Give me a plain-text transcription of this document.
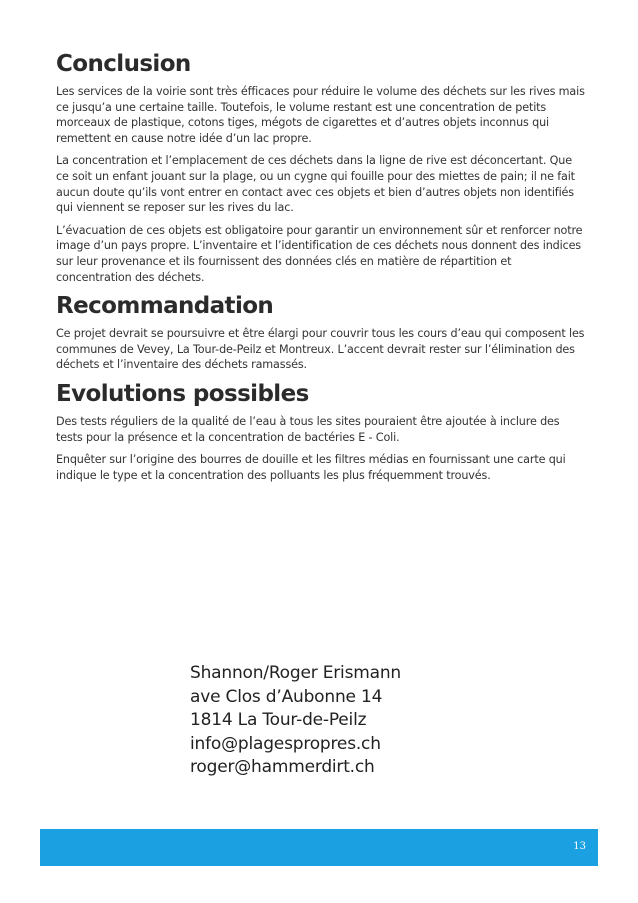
Conclusion

Les services de la voirie sont très éfficaces pour réduire le volume des déchets sur les rives mais ce jusqu’a une certaine taille. Toutefois, le volume restant est une concentration de petits morceaux de plastique, cotons tiges, mégots de cigarettes et d’autres objets inconnus qui remettent en cause notre idée d’un lac propre.

La concentration et l’emplacement de ces déchets dans la ligne de rive est déconcertant. Que ce soit un enfant jouant sur la plage, ou un cygne qui fouille pour des miettes de pain; il ne fait aucun doute qu’ils vont entrer en contact avec ces objets et bien d’autres objets non identifiés qui viennent se reposer sur les rives du lac.

L’évacuation de ces objets est obligatoire pour garantir un environnement sûr et renforcer notre image d’un pays propre. L’inventaire et l’identification de ces déchets nous donnent des indices sur leur provenance et ils fournissent des données clés en matière de répartition et concentration des déchets.

Recommandation

Ce projet devrait se poursuivre et être élargi pour couvrir tous les cours d’eau qui composent les communes de Vevey, La Tour-de-Peilz et Montreux. L’accent devrait rester sur l’élimination des déchets et l’inventaire des déchets ramassés.

Evolutions possibles

Des tests réguliers de la qualité de l’eau à tous les sites pouraient être ajoutée à inclure des tests pour la présence et la concentration de bactéries E - Coli.

Enquêter sur l’origine des bourres de douille et les filtres médias en fournissant une carte qui indique le type et la concentration des polluants les plus fréquemment trouvés.

Shannon/Roger Erismann
ave Clos d’Aubonne 14
1814 La Tour-de-Peilz
info@plagespropres.ch
roger@hammerdirt.ch
13
